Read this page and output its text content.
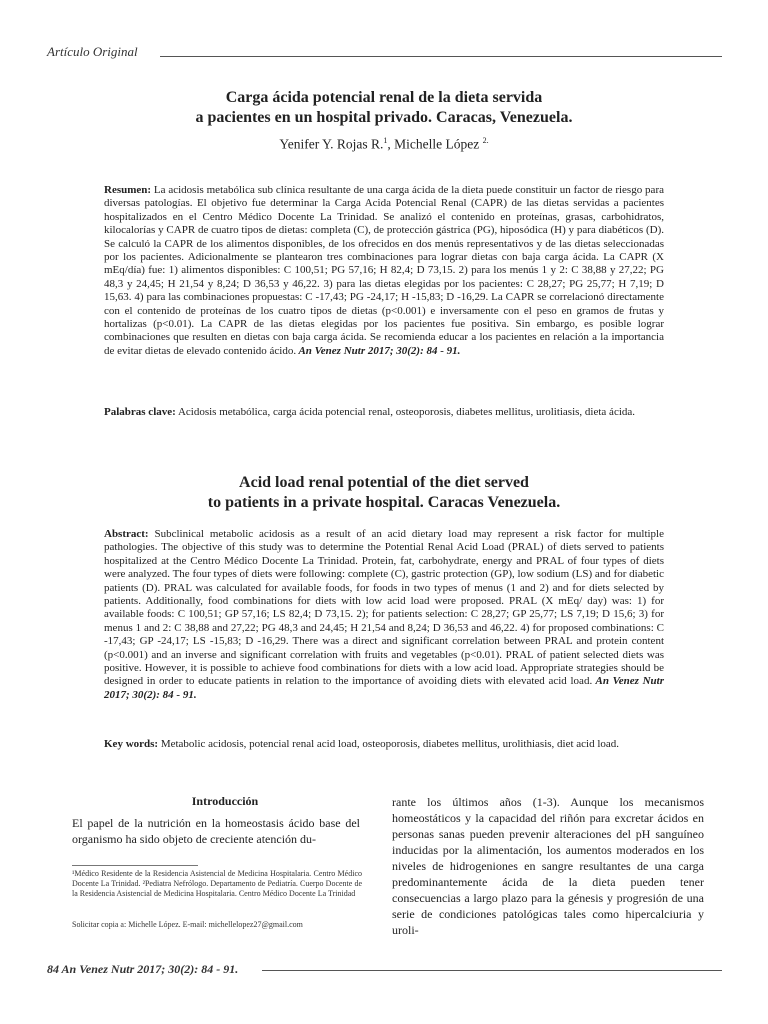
Artículo Original
Carga ácida potencial renal de la dieta servida
a pacientes en un hospital privado. Caracas, Venezuela.
Yenifer Y. Rojas R.$^1$, Michelle López $^{2.}$
Resumen: La acidosis metabólica sub clínica resultante de una carga ácida de la dieta puede constituir un factor de riesgo para diversas patologías. El objetivo fue determinar la Carga Acida Potencial Renal (CAPR) de las dietas servidas a pacientes hospitalizados en el Centro Médico Docente La Trinidad. Se analizó el contenido en proteínas, grasas, carbohidratos, kilocalorías y CAPR de cuatro tipos de dietas: completa (C), de protección gástrica (PG), hiposódica (H) y para diabéticos (D). Se calculó la CAPR de los alimentos disponibles, de los ofrecidos en dos menús representativos y de las dietas seleccionadas por los pacientes. Adicionalmente se plantearon tres combinaciones para lograr dietas con baja carga ácida. La CAPR (X mEq/día) fue: 1) alimentos disponibles: C 100,51; PG 57,16; H 82,4; D 73,15. 2) para los menús 1 y 2: C 38,88 y 27,22; PG 48,3 y 24,45; H 21,54 y 8,24; D 36,53 y 46,22. 3) para las dietas elegidas por los pacientes: C 28,27; PG 25,77; H 7,19; D 15,63. 4) para las combinaciones propuestas: C -17,43; PG -24,17; H -15,83; D -16,29. La CAPR se correlacionó directamente con el contenido de proteínas de los cuatro tipos de dietas (p<0.001) e inversamente con el peso en gramos de frutas y hortalizas (p<0.01). La CAPR de las dietas elegidas por los pacientes fue positiva. Sin embargo, es posible lograr combinaciones que resulten en dietas con baja carga ácida. Se recomienda educar a los pacientes en relación a la importancia de evitar dietas de elevado contenido ácido. An Venez Nutr 2017; 30(2): 84 - 91.
Palabras clave: Acidosis metabólica, carga ácida potencial renal, osteoporosis, diabetes mellitus, urolitiasis, dieta ácida.
Acid load renal potential of the diet served
to patients in a private hospital. Caracas Venezuela.
Abstract: Subclinical metabolic acidosis as a result of an acid dietary load may represent a risk factor for multiple pathologies. The objective of this study was to determine the Potential Renal Acid Load (PRAL) of diets served to patients hospitalized at the Centro Médico Docente La Trinidad. Protein, fat, carbohydrate, energy and PRAL of four types of diets were analyzed. The four types of diets were following: complete (C), gastric protection (GP), low sodium (LS) and for diabetic patients (D). PRAL was calculated for available foods, for foods in two types of menus (1 and 2) and for diets selected by patients. Additionally, food combinations for diets with low acid load were proposed. PRAL (X mEq/ day) was: 1) for available foods: C 100,51; GP 57,16; LS 82,4; D 73,15. 2); for patients selection: C 28,27; GP 25,77; LS 7,19; D 15,6; 3) for menus 1 and 2: C 38,88 and 27,22; PG 48,3 and 24,45; H 21,54 and 8,24; D 36,53 and 46,22. 4) for proposed combinations: C -17,43; GP -24,17; LS -15,83; D -16,29. There was a direct and significant correlation between PRAL and protein content (p<0.001) and an inverse and significant correlation with fruits and vegetables (p<0.01). PRAL of patient selected diets was positive. However, it is possible to achieve food combinations for diets with a low acid load. Appropriate strategies should be designed in order to educate patients in relation to the importance of avoiding diets with elevated acid load. An Venez Nutr 2017; 30(2): 84 - 91.
Key words: Metabolic acidosis, potencial renal acid load, osteoporosis, diabetes mellitus, urolithiasis, diet acid load.
Introducción
El papel de la nutrición en la homeostasis ácido base del organismo ha sido objeto de creciente atención du-
¹Médico Residente de la Residencia Asistencial de Medicina Hospitalaria. Centro Médico Docente La Trinidad. ²Pediatra Nefrólogo. Departamento de Pediatría. Cuerpo Docente de la Residencia Asistencial de Medicina Hospitalaria. Centro Médico Docente La Trinidad
Solicitar copia a: Michelle López. E-mail: michellelopez27@gmail.com
rante los últimos años (1-3). Aunque los mecanismos homeostáticos y la capacidad del riñón para excretar ácidos en personas sanas pueden prevenir alteraciones del pH sanguíneo inducidas por la alimentación, los aumentos moderados en los niveles de hidrogeniones en sangre resultantes de una carga predominantemente ácida de la dieta pueden tener consecuencias a largo plazo para la génesis y progresión de una serie de condiciones patológicas tales como hipercalciuria y uroli-
84 An Venez Nutr 2017; 30(2): 84 - 91.
